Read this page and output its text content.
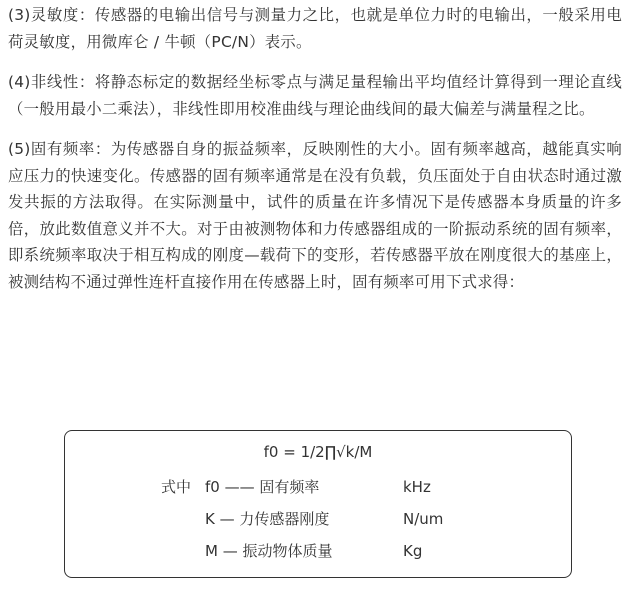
(3)灵敏度：传感器的电输出信号与测量力之比，也就是单位力时的电输出，一般采用电荷灵敏度，用微库仑 / 牛顿（PC/N）表示。

(4)非线性：将静态标定的数据经坐标零点与满足量程输出平均值经计算得到一理论直线（一般用最小二乘法），非线性即用校准曲线与理论曲线间的最大偏差与满量程之比。

(5)固有频率：为传感器自身的振益频率，反映刚性的大小。固有频率越高，越能真实响应压力的快速变化。传感器的固有频率通常是在没有负载，负压面处于自由状态时通过激发共振的方法取得。在实际测量中，试件的质量在许多情况下是传感器本身质量的许多倍，放此数值意义并不大。对于由被测物体和力传感器组成的一阶振动系统的固有频率，即系统频率取决于相互构成的刚度—载荷下的变形，若传感器平放在刚度很大的基座上，被测结构不通过弹性连杆直接作用在传感器上时，固有频率可用下式求得：

f0 = 1/2∏√k/M
式中 f0 —— 固有频率	kHz
K — 力传感器刚度	N/um
M — 振动物体质量	Kg
